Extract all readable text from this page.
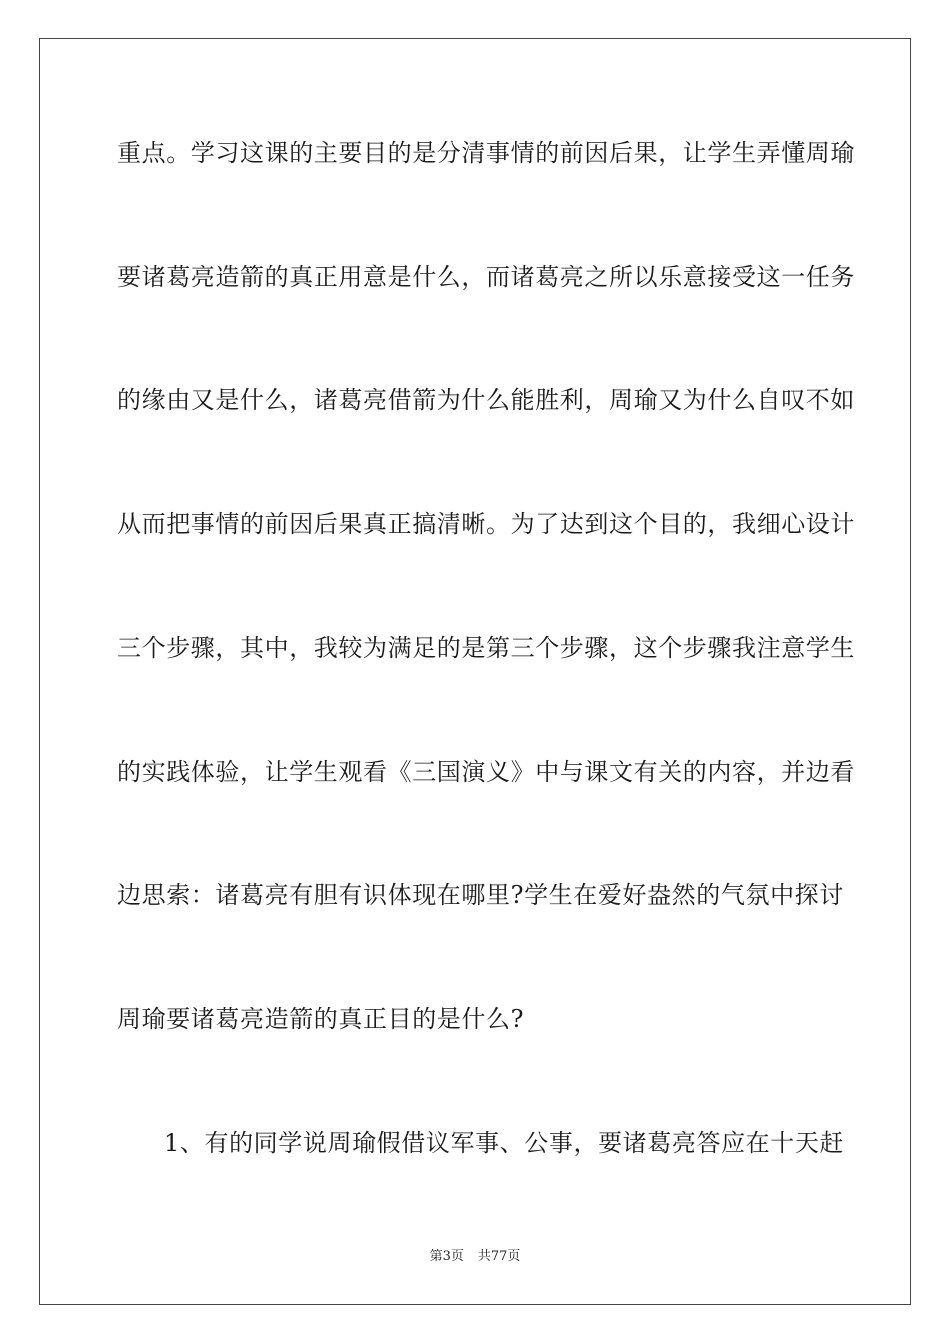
重点。学习这课的主要目的是分清事情的前因后果，让学生弄懂周瑜
要诸葛亮造箭的真正用意是什么，而诸葛亮之所以乐意接受这一任务
的缘由又是什么，诸葛亮借箭为什么能胜利，周瑜又为什么自叹不如
从而把事情的前因后果真正搞清晰。为了达到这个目的，我细心设计
三个步骤，其中，我较为满足的是第三个步骤，这个步骤我注意学生
的实践体验，让学生观看《三国演义》中与课文有关的内容，并边看
边思索：诸葛亮有胆有识体现在哪里?学生在爱好盎然的气氛中探讨
周瑜要诸葛亮造箭的真正目的是什么?
1、有的同学说周瑜假借议军事、公事，要诸葛亮答应在十天赶
第3页 共77页
